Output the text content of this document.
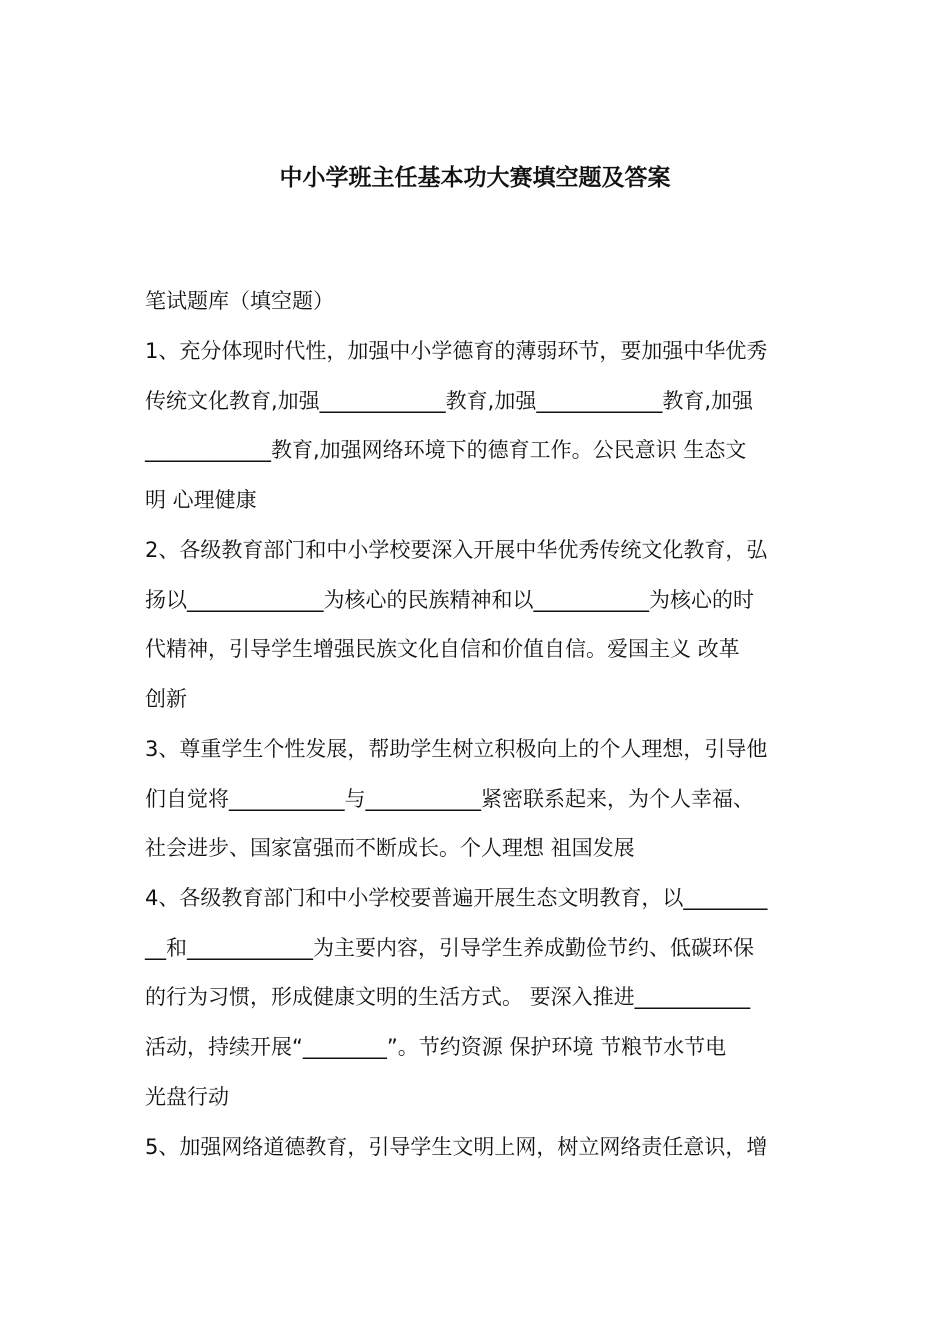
中小学班主任基本功大赛填空题及答案
笔试题库（填空题）
1、充分体现时代性，加强中小学德育的薄弱环节，要加强中华优秀
传统文化教育,加强____________教育,加强____________教育,加强
____________教育,加强网络环境下的德育工作。公民意识 生态文
明 心理健康
2、各级教育部门和中小学校要深入开展中华优秀传统文化教育，弘
扬以_____________为核心的民族精神和以___________为核心的时
代精神，引导学生增强民族文化自信和价值自信。爱国主义 改革
创新
3、尊重学生个性发展，帮助学生树立积极向上的个人理想，引导他
们自觉将___________与___________紧密联系起来，为个人幸福、
社会进步、国家富强而不断成长。个人理想 祖国发展
4、各级教育部门和中小学校要普遍开展生态文明教育，以________
__和____________为主要内容，引导学生养成勤俭节约、低碳环保
的行为习惯，形成健康文明的生活方式。 要深入推进___________
活动，持续开展“________”。节约资源 保护环境 节粮节水节电
光盘行动
5、加强网络道德教育，引导学生文明上网，树立网络责任意识，增
